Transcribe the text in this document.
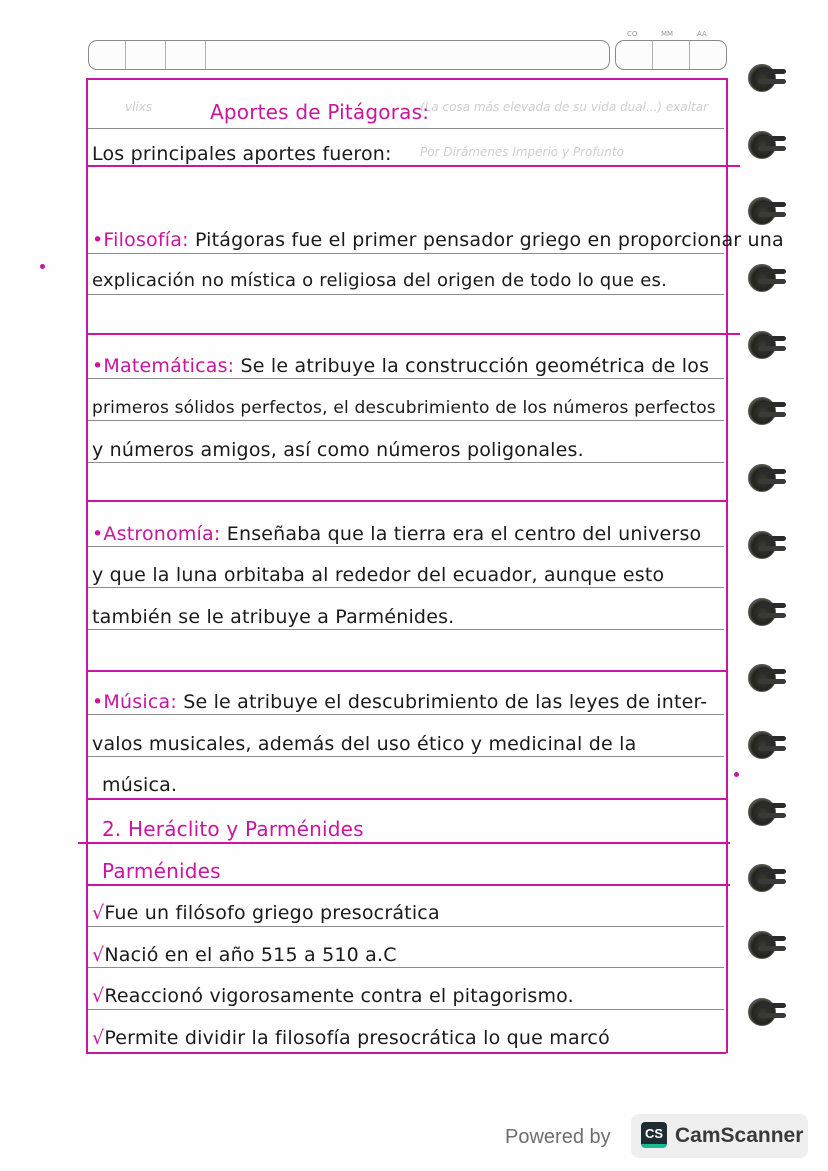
CO	MM	AA
vlixs	(La cosa más elevada de su vida dual...) exaltar
Por Dirámenes Imperio y Profunto
Aportes de Pitágoras:
Los principales aportes fueron:
•Filosofía: Pitágoras fue el primer pensador griego en proporcionar una
explicación no mística o religiosa del origen de todo lo que es.
•Matemáticas: Se le atribuye la construcción geométrica de los
primeros sólidos perfectos, el descubrimiento de los números perfectos
y números amigos, así como números poligonales.
•Astronomía: Enseñaba que la tierra era el centro del universo
y que la luna orbitaba al rededor del ecuador, aunque esto
también se le atribuye a Parménides.
•Música: Se le atribuye el descubrimiento de las leyes de inter-
valos musicales, además del uso ético y medicinal de la
música.
2. Heráclito y Parménides
Parménides
√Fue un filósofo griego presocrática
√Nació en el año 515 a 510 a.C
√Reaccionó vigorosamente contra el pitagorismo.
√Permite dividir la filosofía presocrática lo que marcó
Powered by	CS CamScanner
